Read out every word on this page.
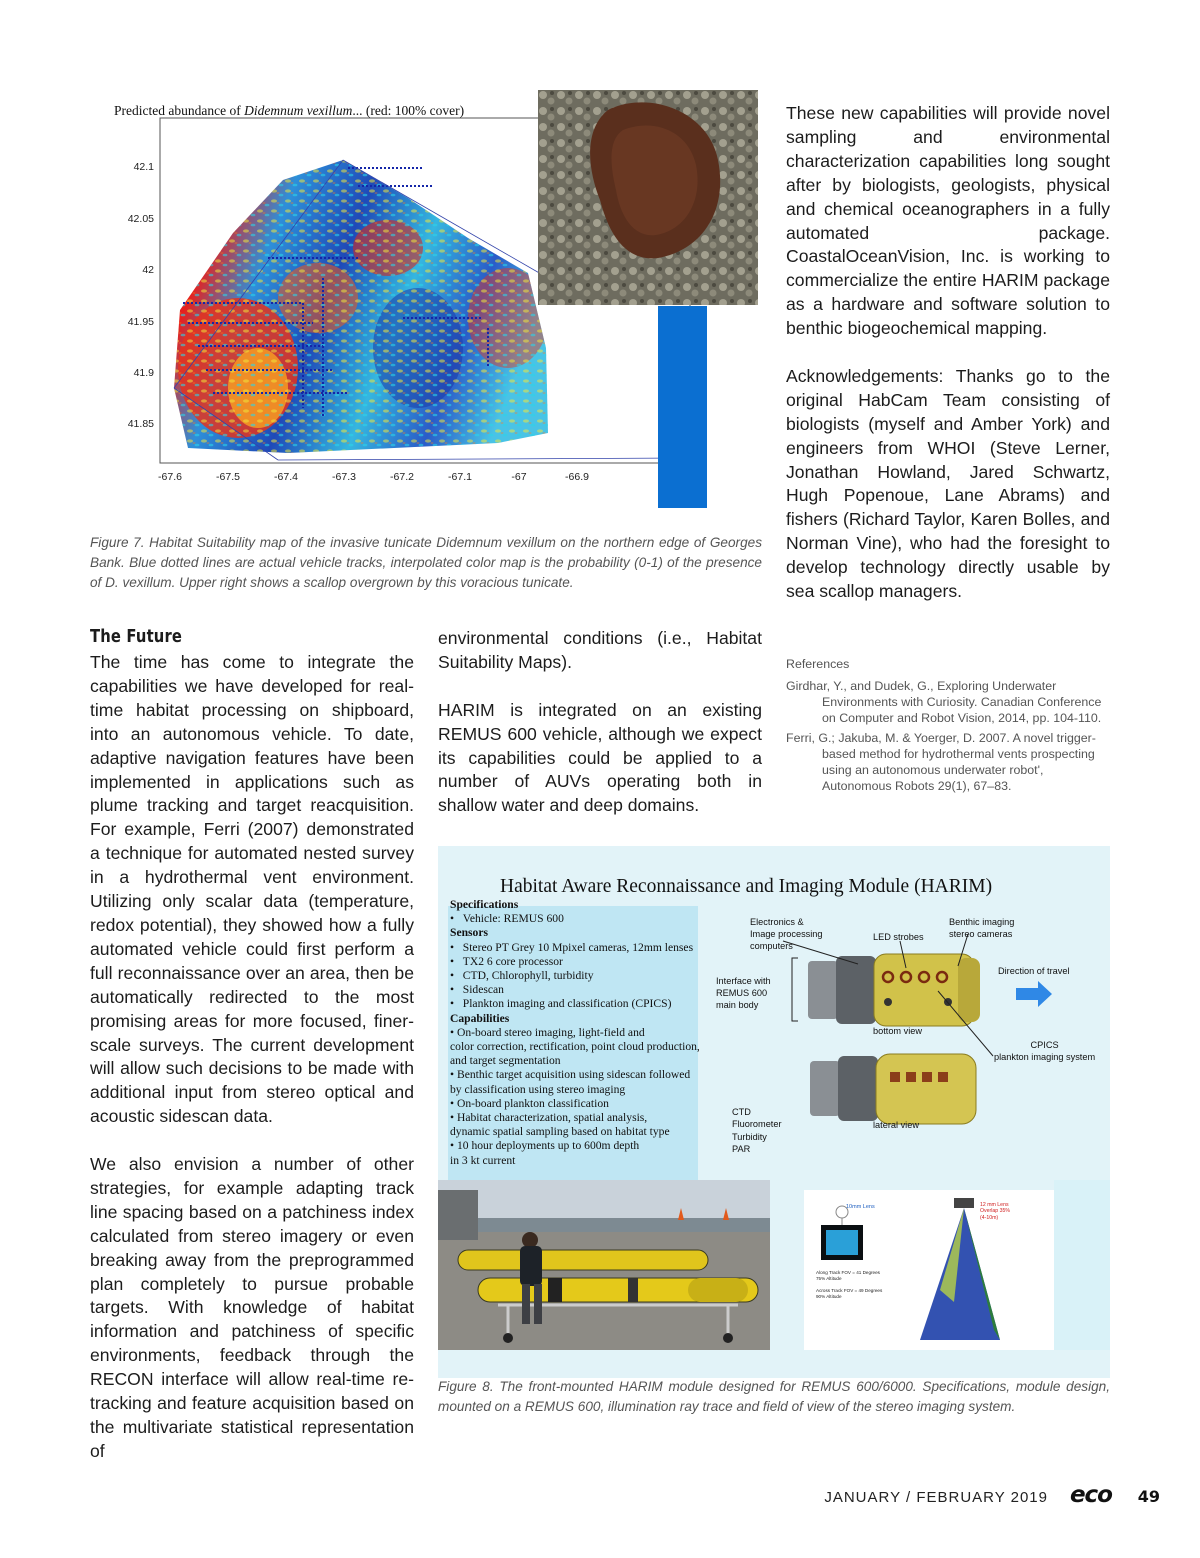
Predicted abundance of Didemnum vexillum... (red: 100% cover)
42.1
42.05
42
41.95
41.9
41.85
-67.6	-67.5	-67.4	-67.3	-67.2	-67.1	-67	-66.9
Figure 7. Habitat Suitability map of the invasive tunicate Didemnum vexillum on the northern edge of Georges Bank. Blue dotted lines are actual vehicle tracks, interpolated color map is the probability (0-1) of the presence of D. vexillum. Upper right shows a scallop overgrown by this voracious tunicate.

These new capabilities will provide novel sampling and environmental characterization capabilities long sought after by biologists, geologists, physical and chemical oceanographers in a fully automated package. CoastalOceanVision, Inc. is working to commercialize the entire HARIM package as a hardware and software solution to benthic biogeochemical mapping.

Acknowledgements: Thanks go to the original HabCam Team consisting of biologists (myself and Amber York) and engineers from WHOI (Steve Lerner, Jonathan Howland, Jared Schwartz, Hugh Popenoue, Lane Abrams) and fishers (Richard Taylor, Karen Bolles, and Norman Vine), who had the foresight to develop technology directly usable by sea scallop managers.

The Future

The time has come to integrate the capabilities we have developed for real-time habitat processing on shipboard, into an autonomous vehicle. To date, adaptive navigation features have been implemented in applications such as plume tracking and target reacquisition. For example, Ferri (2007) demonstrated a technique for automated nested survey in a hydrothermal vent environment. Utilizing only scalar data (temperature, redox potential), they showed how a fully automated vehicle could first perform a full reconnaissance over an area, then be automatically redirected to the most promising areas for more focused, finer-scale surveys. The current development will allow such decisions to be made with additional input from stereo optical and acoustic sidescan data.

We also envision a number of other strategies, for example adapting track line spacing based on a patchiness index calculated from stereo imagery or even breaking away from the preprogrammed plan completely to pursue probable targets. With knowledge of habitat information and patchiness of specific environments, feedback through the RECON interface will allow real-time re-tracking and feature acquisition based on the multivariate statistical representation of

environmental conditions (i.e., Habitat Suitability Maps).

HARIM is integrated on an existing REMUS 600 vehicle, although we expect its capabilities could be applied to a number of AUVs operating both in shallow water and deep domains.

References
Girdhar, Y., and Dudek, G., Exploring Underwater Environments with Curiosity. Canadian Conference on Computer and Robot Vision, 2014, pp. 104-110.
Ferri, G.; Jakuba, M. & Yoerger, D. 2007. A novel trigger-based method for hydrothermal vents prospecting using an autonomous underwater robot', Autonomous Robots 29(1), 67–83.
Habitat Aware Reconnaissance and Imaging Module (HARIM)
Specifications
•   Vehicle: REMUS 600
Sensors
•   Stereo PT Grey 10 Mpixel cameras, 12mm lenses
•   TX2 6 core processor
•   CTD, Chlorophyll, turbidity
•   Sidescan
•   Plankton imaging and classification (CPICS)
Capabilities
• On-board stereo imaging, light-field and
color correction, rectification, point cloud production,
and target segmentation
• Benthic target acquisition using sidescan followed
by classification using stereo imaging
• On-board plankton classification
• Habitat characterization, spatial analysis,
dynamic spatial sampling based on habitat type
• 10 hour deployments up to 600m depth
in 3 kt current
Electronics &
Image processing
computers
LED strobes
Benthic imaging
stereo cameras
Interface with
REMUS 600
main body
Direction of travel
bottom view
CPICS
plankton imaging system
CTD
Fluorometer
Turbidity
PAR
lateral view
10mm Lens	12 mm Lens
Overlap 35%
(4-10m)
Along Track FOV = 41 Degrees
75% Altitude
Across Track FOV = 49 Degrees
90% Altitude
Figure 8. The front-mounted HARIM module designed for REMUS 600/6000. Specifications, module design, mounted on a REMUS 600, illumination ray trace and field of view of the stereo imaging system.
JANUARY / FEBRUARY 2019 eco 49
